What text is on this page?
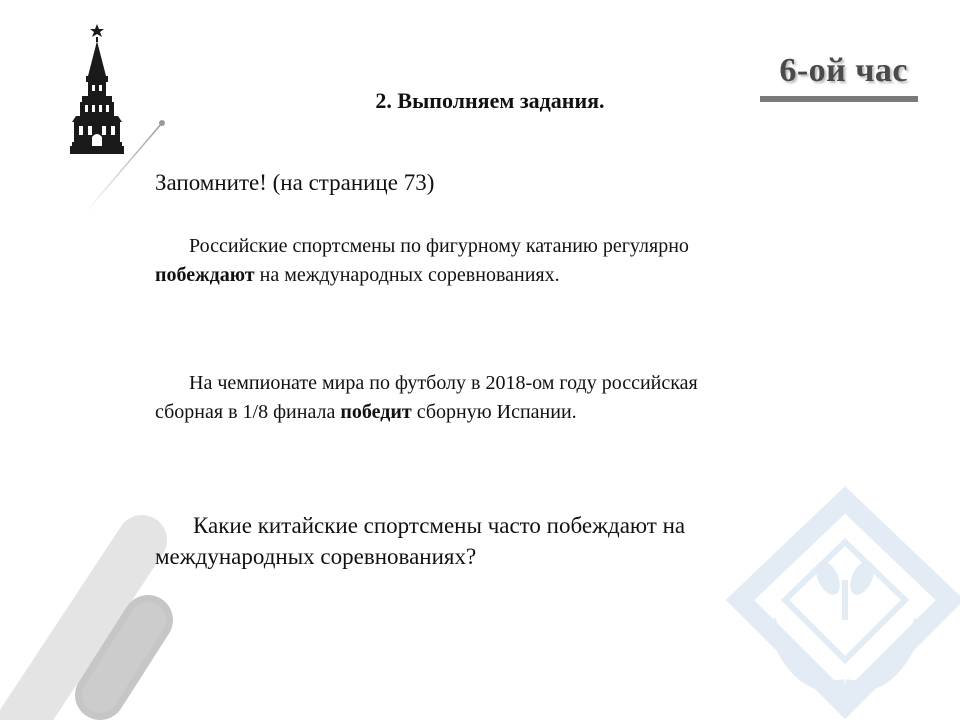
6-ой час
2. Выполняем задания.
Запомните! (на странице 73)

Российские спортсмены по фигурному катанию регулярно побеждают на международных соревнованиях.

На чемпионате мира по футболу в 2018-ом году российская сборная в 1/8 финала победит сборную Испании.

Какие китайские спортсмены часто побеждают на международных соревнованиях?
